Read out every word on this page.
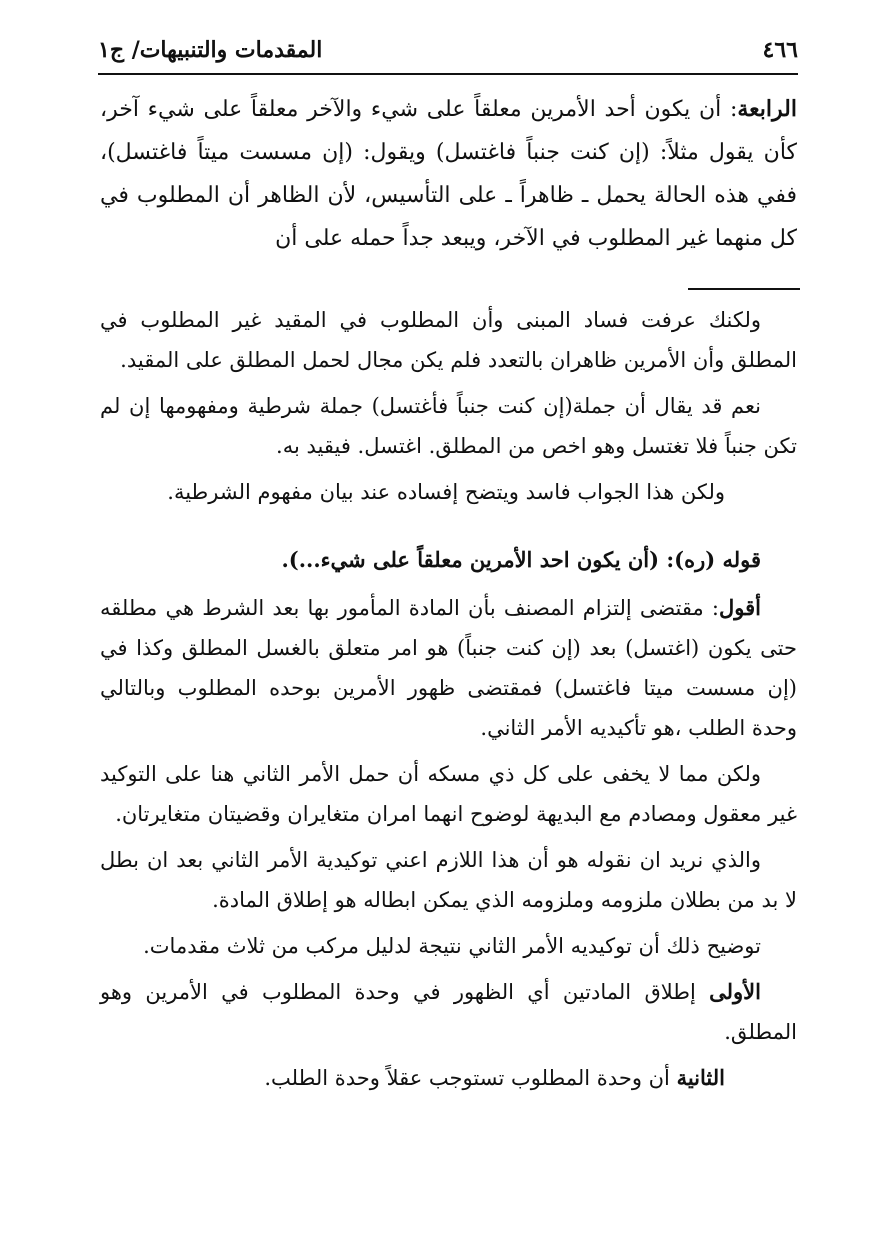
٤٦٦
المقدمات والتنبيهات/ ج١

الرابعة: أن يكون أحد الأمرين معلقاً على شيء والآخر معلقاً على شيء آخر، كأن يقول مثلاً: (إن كنت جنباً فاغتسل) ويقول: (إن مسست ميتاً فاغتسل)، ففي هذه الحالة يحمل ـ ظاهراً ـ على التأسيس، لأن الظاهر أن المطلوب في كل منهما غير المطلوب في الآخر، ويبعد جداً حمله على أن

ولكنك عرفت فساد المبنى وأن المطلوب في المقيد غير المطلوب في المطلق وأن الأمرين ظاهران بالتعدد فلم يكن مجال لحمل المطلق على المقيد.

نعم قد يقال أن جملة(إن كنت جنباً فأغتسل) جملة شرطية ومفهومها إن لم تكن جنباً فلا تغتسل وهو اخص من المطلق. اغتسل. فيقيد به.

ولكن هذا الجواب فاسد ويتضح إفساده عند بيان مفهوم الشرطية.

قوله (ره): (أن يكون احد الأمرين معلقاً على شيء...).

أقول: مقتضى إلتزام المصنف بأن المادة المأمور بها بعد الشرط هي مطلقه حتى يكون (اغتسل) بعد (إن كنت جنباً) هو امر متعلق بالغسل المطلق وكذا في (إن مسست ميتا فاغتسل) فمقتضى ظهور الأمرين بوحده المطلوب وبالتالي وحدة الطلب ،هو تأكيديه الأمر الثاني.

ولكن مما لا يخفى على كل ذي مسكه أن حمل الأمر الثاني هنا على التوكيد غير معقول ومصادم مع البديهة لوضوح انهما امران متغايران وقضيتان متغايرتان.

والذي نريد ان نقوله هو أن هذا اللازم اعني توكيدية الأمر الثاني بعد ان بطل لا بد من بطلان ملزومه وملزومه الذي يمكن ابطاله هو إطلاق المادة.

توضيح ذلك أن توكيديه الأمر الثاني نتيجة لدليل مركب من ثلاث مقدمات.

الأولى إطلاق المادتين أي الظهور في وحدة المطلوب في الأمرين وهو المطلق.

الثانية أن وحدة المطلوب تستوجب عقلاً وحدة الطلب.
